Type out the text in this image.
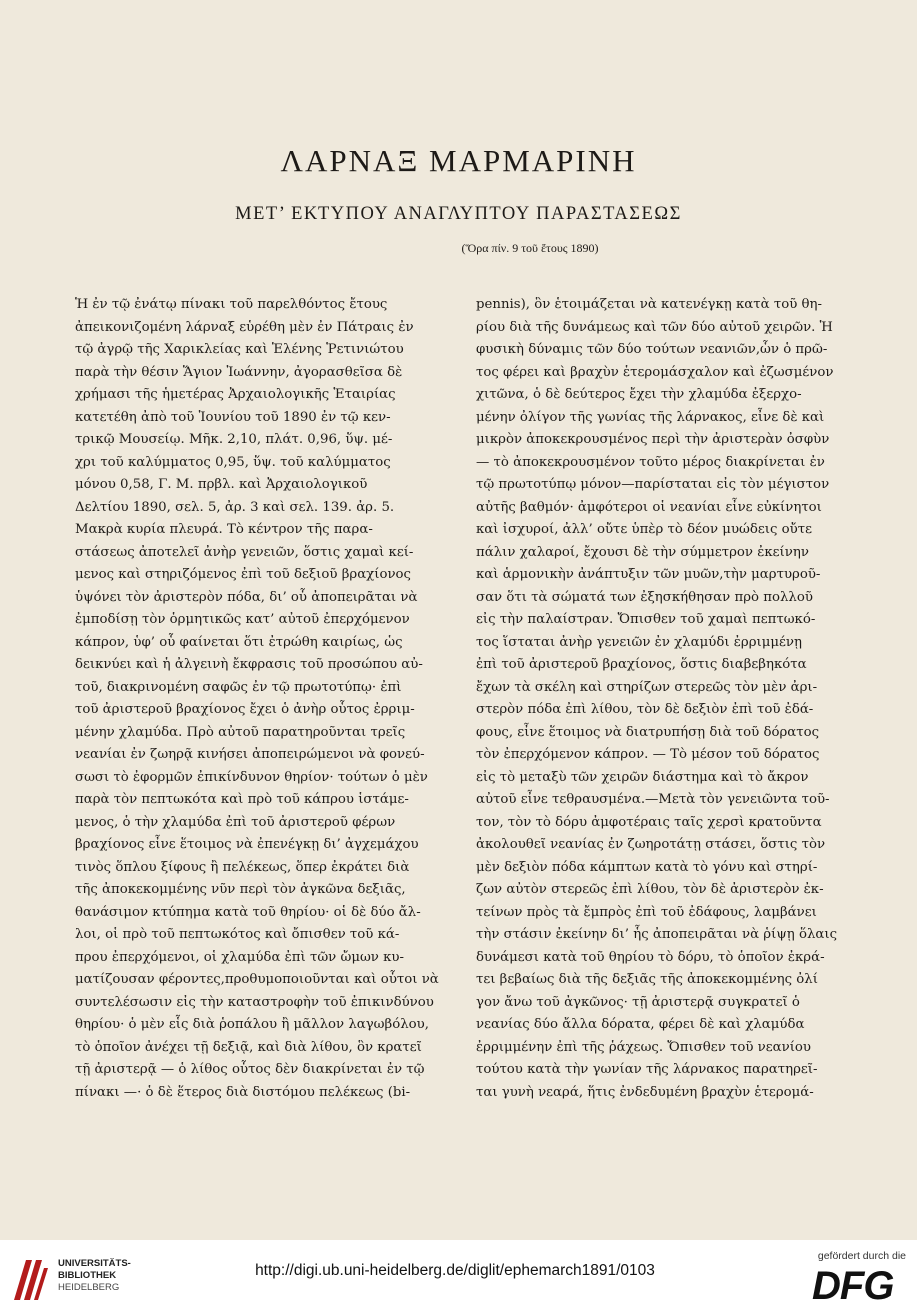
ΛΑΡΝΑΞ ΜΑΡΜΑΡΙΝΗ
ΜΕΤ’ ΕΚΤΥΠΟΥ ΑΝΑΓΛΥΠΤΟΥ ΠΑΡΑΣΤΑΣΕΩΣ
(Ὅρα πίν. 9 τοῦ ἔτους 1890)
Ἡ ἐν τῷ ἐνάτῳ πίνακι τοῦ παρελθόντος ἔτους
ἀπεικονιζομένη λάρναξ εὑρέθη μὲν ἐν Πάτραις ἐν
τῷ ἀγρῷ τῆς Χαρικλείας καὶ Ἑλένης Ῥετινιώτου
παρὰ τὴν θέσιν Ἅγιον Ἰωάννην, ἀγορασθεῖσα δὲ
χρήμασι τῆς ἡμετέρας Ἀρχαιολογικῆς Ἑταιρίας
κατετέθη ἀπὸ τοῦ Ἰουνίου τοῦ 1890 ἐν τῷ κεν-
τρικῷ Μουσείῳ. Μῆκ. 2,10, πλάτ. 0,96, ὕψ. μέ-
χρι τοῦ καλύμματος 0,95, ὕψ. τοῦ καλύμματος
μόνου 0,58, Γ. Μ. πρβλ. καὶ Ἀρχαιολογικοῦ
Δελτίου 1890, σελ. 5, ἀρ. 3 καὶ σελ. 139. ἀρ. 5.
Μακρὰ κυρία πλευρά. Τὸ κέντρον τῆς παρα-
στάσεως ἀποτελεῖ ἀνὴρ γενειῶν, ὅστις χαμαὶ κεί-
μενος καὶ στηριζόμενος ἐπὶ τοῦ δεξιοῦ βραχίονος
ὑψόνει τὸν ἀριστερὸν πόδα, δι’ οὗ ἀποπειρᾶται νὰ
ἐμποδίσῃ τὸν ὁρμητικῶς κατ’ αὐτοῦ ἐπερχόμενον
κάπρον, ὑφ’ οὗ φαίνεται ὅτι ἐτρώθη καιρίως, ὡς
δεικνύει καὶ ἡ ἀλγεινὴ ἔκφρασις τοῦ προσώπου αὐ-
τοῦ, διακρινομένη σαφῶς ἐν τῷ πρωτοτύπῳ· ἐπὶ
τοῦ ἀριστεροῦ βραχίονος ἔχει ὁ ἀνὴρ οὗτος ἐρριμ-
μένην χλαμύδα. Πρὸ αὐτοῦ παρατηροῦνται τρεῖς
νεανίαι ἐν ζωηρᾷ κινήσει ἀποπειρώμενοι νὰ φονεύ-
σωσι τὸ ἐφορμῶν ἐπικίνδυνον θηρίον· τούτων ὁ μὲν
παρὰ τὸν πεπτωκότα καὶ πρὸ τοῦ κάπρου ἱστάμε-
μενος, ὁ τὴν χλαμύδα ἐπὶ τοῦ ἀριστεροῦ φέρων
βραχίονος εἶνε ἕτοιμος νὰ ἐπενέγκῃ δι’ ἀγχεμάχου
τινὸς ὅπλου ξίφους ἢ πελέκεως, ὅπερ ἐκράτει διὰ
τῆς ἀποκεκομμένης νῦν περὶ τὸν ἀγκῶνα δεξιᾶς,
θανάσιμον κτύπημα κατὰ τοῦ θηρίου· οἱ δὲ δύο ἄλ-
λοι, οἱ πρὸ τοῦ πεπτωκότος καὶ ὄπισθεν τοῦ κά-
πρου ἐπερχόμενοι, οἱ χλαμύδα ἐπὶ τῶν ὤμων κυ-
ματίζουσαν φέροντες,προθυμοποιοῦνται καὶ οὗτοι νὰ
συντελέσωσιν εἰς τὴν καταστροφὴν τοῦ ἐπικινδύνου
θηρίου· ὁ μὲν εἷς διὰ ῥοπάλου ἢ μᾶλλον λαγωβόλου,
τὸ ὁποῖον ἀνέχει τῇ δεξιᾷ, καὶ διὰ λίθου, ὃν κρατεῖ
τῇ ἀριστερᾷ — ὁ λίθος οὗτος δὲν διακρίνεται ἐν τῷ
πίνακι —· ὁ δὲ ἕτερος διὰ διστόμου πελέκεως (bi-
pennis), ὃν ἑτοιμάζεται νὰ κατενέγκῃ κατὰ τοῦ θη-
ρίου διὰ τῆς δυνάμεως καὶ τῶν δύο αὐτοῦ χειρῶν. Ἡ
φυσικὴ δύναμις τῶν δύο τούτων νεανιῶν,ὧν ὁ πρῶ-
τος φέρει καὶ βραχὺν ἑτερομάσχαλον καὶ ἐζωσμένον
χιτῶνα, ὁ δὲ δεύτερος ἔχει τὴν χλαμύδα ἐξερχο-
μένην ὀλίγον τῆς γωνίας τῆς λάρνακος, εἶνε δὲ καὶ
μικρὸν ἀποκεκρουσμένος περὶ τὴν ἀριστερὰν ὀσφὺν
— τὸ ἀποκεκρουσμένον τοῦτο μέρος διακρίνεται ἐν
τῷ πρωτοτύπῳ μόνον—παρίσταται εἰς τὸν μέγιστον
αὐτῆς βαθμόν· ἀμφότεροι οἱ νεανίαι εἶνε εὐκίνητοι
καὶ ἰσχυροί, ἀλλ’ οὔτε ὑπὲρ τὸ δέον μυώδεις οὔτε
πάλιν χαλαροί, ἔχουσι δὲ τὴν σύμμετρον ἐκείνην
καὶ ἁρμονικὴν ἀνάπτυξιν τῶν μυῶν,τὴν μαρτυροῦ-
σαν ὅτι τὰ σώματά των ἐξησκήθησαν πρὸ πολλοῦ
εἰς τὴν παλαίστραν. Ὄπισθεν τοῦ χαμαὶ πεπτωκό-
τος ἵσταται ἀνὴρ γενειῶν ἐν χλαμύδι ἐρριμμένῃ
ἐπὶ τοῦ ἀριστεροῦ βραχίονος, ὅστις διαβεβηκότα
ἔχων τὰ σκέλη καὶ στηρίζων στερεῶς τὸν μὲν ἀρι-
στερὸν πόδα ἐπὶ λίθου, τὸν δὲ δεξιὸν ἐπὶ τοῦ ἐδά-
φους, εἶνε ἕτοιμος νὰ διατρυπήσῃ διὰ τοῦ δόρατος
τὸν ἐπερχόμενον κάπρον. — Τὸ μέσον τοῦ δόρατος
εἰς τὸ μεταξὺ τῶν χειρῶν διάστημα καὶ τὸ ἄκρον
αὐτοῦ εἶνε τεθραυσμένα.—Μετὰ τὸν γενειῶντα τοῦ-
τον, τὸν τὸ δόρυ ἀμφοτέραις ταῖς χερσὶ κρατοῦντα
ἀκολουθεῖ νεανίας ἐν ζωηροτάτῃ στάσει, ὅστις τὸν
μὲν δεξιὸν πόδα κάμπτων κατὰ τὸ γόνυ καὶ στηρί-
ζων αὐτὸν στερεῶς ἐπὶ λίθου, τὸν δὲ ἀριστερὸν ἐκ-
τείνων πρὸς τὰ ἔμπρὸς ἐπὶ τοῦ ἐδάφους, λαμβάνει
τὴν στάσιν ἐκείνην δι’ ἧς ἀποπειρᾶται νὰ ῥίψῃ ὅλαις
δυνάμεσι κατὰ τοῦ θηρίου τὸ δόρυ, τὸ ὁποῖον ἐκρά-
τει βεβαίως διὰ τῆς δεξιᾶς τῆς ἀποκεκομμένης ὀλί
γον ἄνω τοῦ ἀγκῶνος· τῇ ἀριστερᾷ συγκρατεῖ ὁ
νεανίας δύο ἄλλα δόρατα, φέρει δὲ καὶ χλαμύδα
ἐρριμμένην ἐπὶ τῆς ῥάχεως. Ὄπισθεν τοῦ νεανίου
τούτου κατὰ τὴν γωνίαν τῆς λάρνακος παρατηρεῖ-
ται γυνὴ νεαρά, ἥτις ἐνδεδυμένη βραχὺν ἑτερομά-
UNIVERSITÄTS-
BIBLIOTHEK
HEIDELBERG
http://digi.ub.uni-heidelberg.de/diglit/ephemarch1891/0103
gefördert durch die
DFG
